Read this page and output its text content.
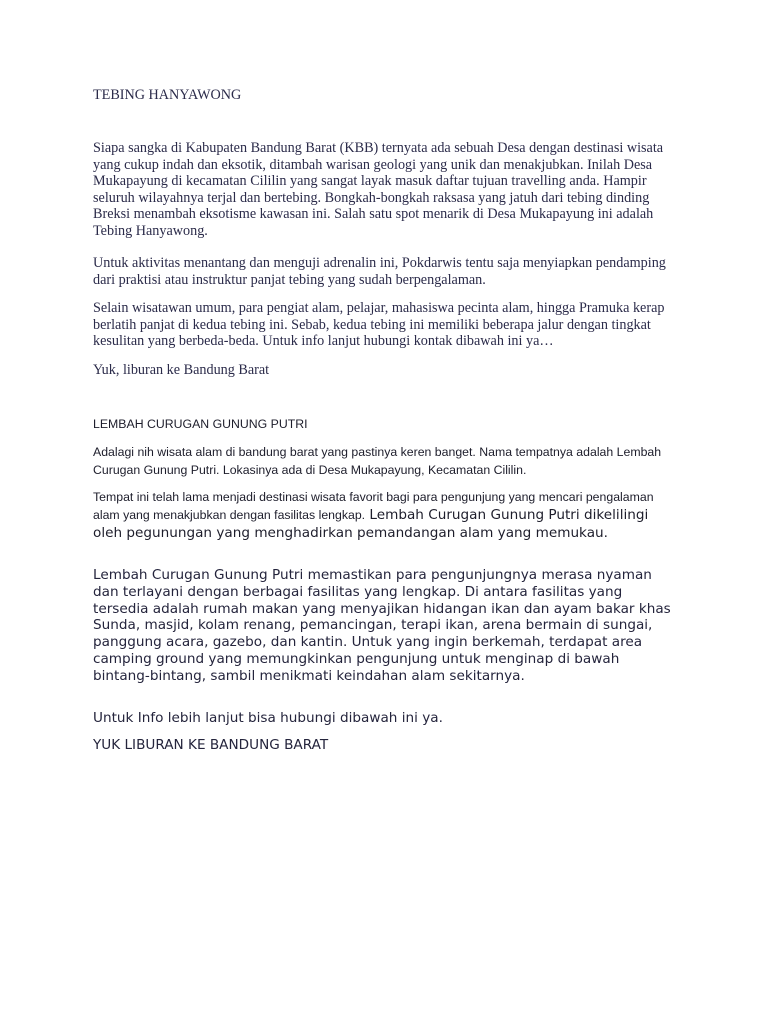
TEBING HANYAWONG

Siapa sangka di Kabupaten Bandung Barat (KBB) ternyata ada sebuah Desa dengan destinasi wisata yang cukup indah dan eksotik, ditambah warisan geologi yang unik dan menakjubkan. Inilah Desa Mukapayung di kecamatan Cililin yang sangat layak masuk daftar tujuan travelling anda. Hampir seluruh wilayahnya terjal dan bertebing. Bongkah-bongkah raksasa yang jatuh dari tebing dinding Breksi menambah eksotisme kawasan ini. Salah satu spot menarik di Desa Mukapayung ini adalah Tebing Hanyawong.

Untuk aktivitas menantang dan menguji adrenalin ini, Pokdarwis tentu saja menyiapkan pendamping dari praktisi atau instruktur panjat tebing yang sudah berpengalaman.

Selain wisatawan umum, para pengiat alam, pelajar, mahasiswa pecinta alam, hingga Pramuka kerap berlatih panjat di kedua tebing ini. Sebab, kedua tebing ini memiliki beberapa jalur dengan tingkat kesulitan yang berbeda-beda. Untuk info lanjut hubungi kontak dibawah ini ya…

Yuk, liburan ke Bandung Barat

LEMBAH CURUGAN GUNUNG PUTRI

Adalagi nih wisata alam di bandung barat yang pastinya keren banget. Nama tempatnya adalah Lembah Curugan Gunung Putri. Lokasinya ada di Desa Mukapayung, Kecamatan Cililin.

Tempat ini telah lama menjadi destinasi wisata favorit bagi para pengunjung yang mencari pengalaman alam yang menakjubkan dengan fasilitas lengkap. Lembah Curugan Gunung Putri dikelilingi oleh pegunungan yang menghadirkan pemandangan alam yang memukau.

Lembah Curugan Gunung Putri memastikan para pengunjungnya merasa nyaman dan terlayani dengan berbagai fasilitas yang lengkap. Di antara fasilitas yang tersedia adalah rumah makan yang menyajikan hidangan ikan dan ayam bakar khas Sunda, masjid, kolam renang, pemancingan, terapi ikan, arena bermain di sungai, panggung acara, gazebo, dan kantin. Untuk yang ingin berkemah, terdapat area camping ground yang memungkinkan pengunjung untuk menginap di bawah bintang-bintang, sambil menikmati keindahan alam sekitarnya.

Untuk Info lebih lanjut bisa hubungi dibawah ini ya.

YUK LIBURAN KE BANDUNG BARAT
